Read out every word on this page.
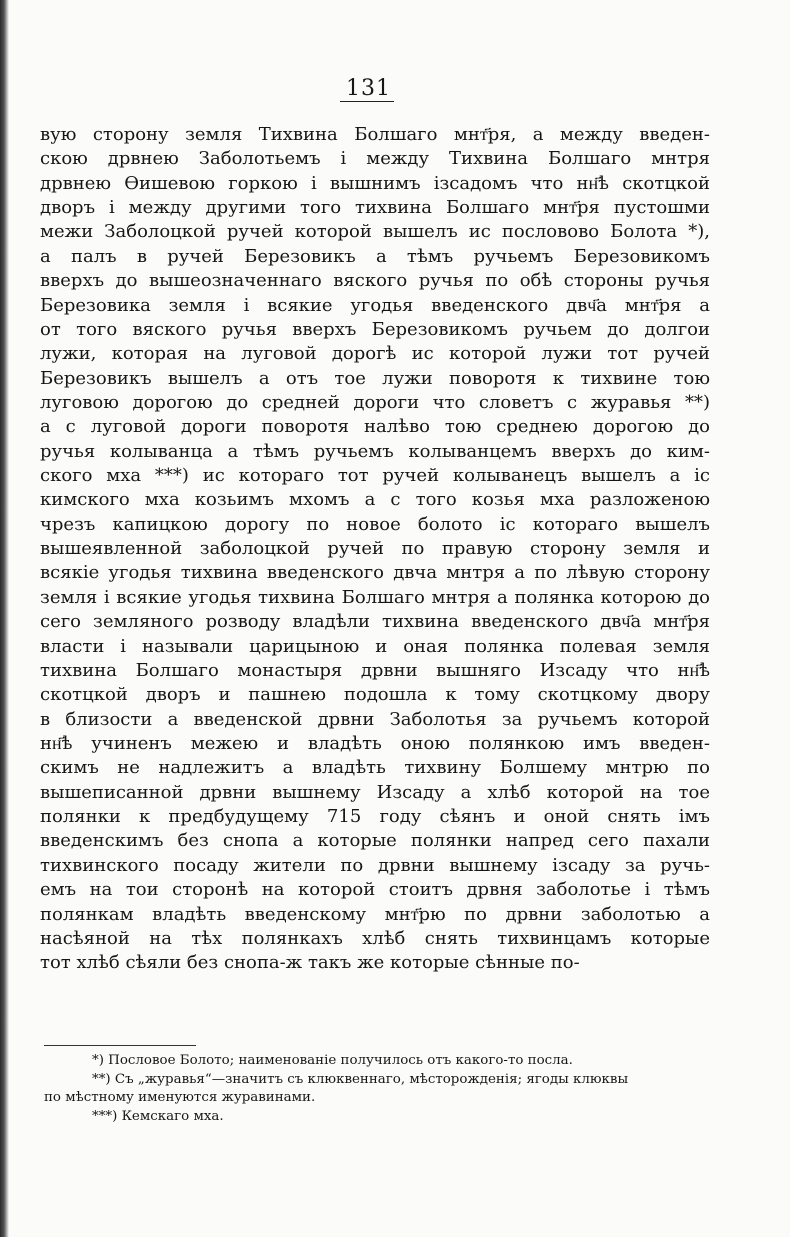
131
вую сторону земля Тихвина Болшаго мнт҃ря, а между введен-
скою дрвнею Заболотьемъ і между Тихвина Болшаго мнтря
дрвнею Ѳишевою горкою і вышнимъ ізсадомъ что нн҃ѣ скотцкой
дворъ і между другими того тихвина Болшаго мнт҃ря пустошми
межи Заболоцкой ручей которой вышелъ ис пословово Болота *),
а палъ в ручей Березовикъ а тѣмъ ручьемъ Березовикомъ
вверхъ до вышеозначеннаго вяского ручья по обѣ стороны ручья
Березовика земля і всякие угодья введенского двч҃а мнт҃ря а
от того вяского ручья вверхъ Березовикомъ ручьем до долгои
лужи, которая на луговой дорогѣ ис которой лужи тот ручей
Березовикъ вышелъ а отъ тое лужи поворотя к тихвине тою
луговою дорогою до средней дороги что словетъ с журавья **)
а с луговой дороги поворотя налѣво тою среднею дорогою до
ручья колыванца а тѣмъ ручьемъ колыванцемъ вверхъ до ким-
ского мха ***) ис котораго тот ручей колыванецъ вышелъ а іс
кимского мха козьимъ мхомъ а с того козья мха разложеною
чрезъ капицкою дорогу по новое болото іс котораго вышелъ
вышеявленной заболоцкой ручей по правую сторону земля и
всякіе угодья тихвина введенского двча мнтря а по лѣвую сторону
земля і всякие угодья тихвина Болшаго мнтря а полянка которою до
сего земляного розводу владѣли тихвина введенского двч҃а мнт҃ря
власти і называли царицыною и оная полянка полевая земля
тихвина Болшаго монастыря дрвни вышняго Изсаду что нн҃ѣ
скотцкой дворъ и пашнею подошла к тому скотцкому двору
в близости а введенской дрвни Заболотья за ручьемъ которой
нн҃ѣ учиненъ межею и владѣть оною полянкою имъ введен-
скимъ не надлежитъ а владѣть тихвину Болшему мнтрю по
вышеписанной дрвни вышнему Изсаду а хлѣб которой на тое
полянки к предбудущему 715 году сѣянъ и оной снять імъ
введенскимъ без снопа а которые полянки напред сего пахали
тихвинского посаду жители по дрвни вышнему ізсаду за ручь-
емъ на тои сторонѣ на которой стоитъ дрвня заболотье і тѣмъ
полянкам владѣть введенскому мнт҃рю по дрвни заболотью а
насѣяной на тѣх полянкахъ хлѣб снять тихвинцамъ которые
тот хлѣб сѣяли без снопа-ж такъ же которые сѣнные по-
*) Пословое Болото; наименованіе получилось отъ какого-то посла.
**) Съ „журавья“—значитъ съ клюквеннаго, мѣсторожденія; ягоды клюквы
по мѣстному именуются журавинами.
***) Кемскаго мха.
